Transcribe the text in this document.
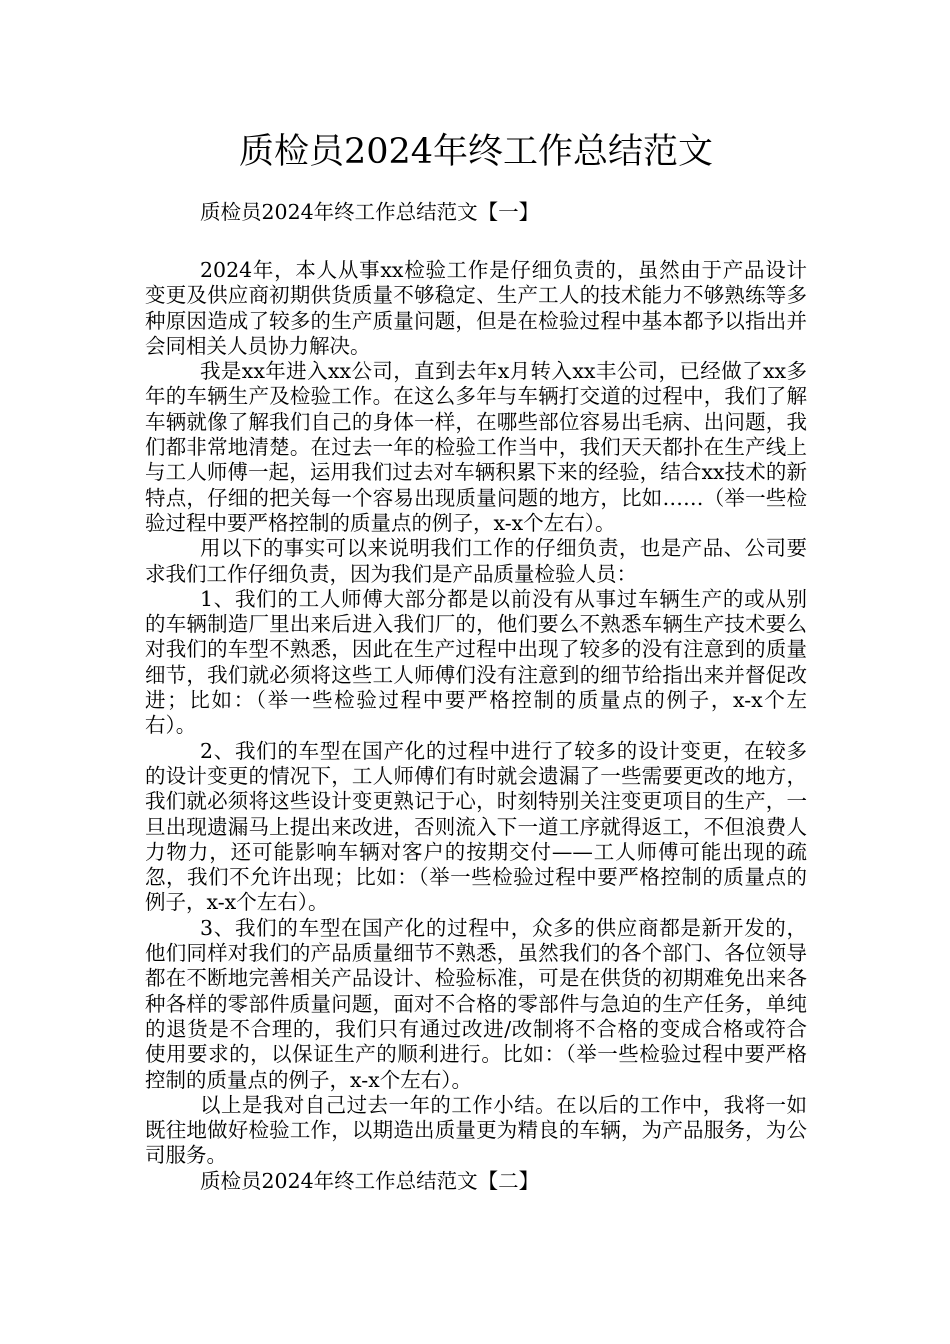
质检员2024年终工作总结范文

质检员2024年终工作总结范文【一】

2024年，本人从事xx检验工作是仔细负责的，虽然由于产品设计变更及供应商初期供货质量不够稳定、生产工人的技术能力不够熟练等多种原因造成了较多的生产质量问题，但是在检验过程中基本都予以指出并会同相关人员协力解决。

我是xx年进入xx公司，直到去年x月转入xx丰公司，已经做了xx多年的车辆生产及检验工作。在这么多年与车辆打交道的过程中，我们了解车辆就像了解我们自己的身体一样，在哪些部位容易出毛病、出问题，我们都非常地清楚。在过去一年的检验工作当中，我们天天都扑在生产线上与工人师傅一起，运用我们过去对车辆积累下来的经验，结合xx技术的新特点，仔细的把关每一个容易出现质量问题的地方，比如……（举一些检验过程中要严格控制的质量点的例子，x-x个左右）。

用以下的事实可以来说明我们工作的仔细负责，也是产品、公司要求我们工作仔细负责，因为我们是产品质量检验人员：

1、我们的工人师傅大部分都是以前没有从事过车辆生产的或从别的车辆制造厂里出来后进入我们厂的，他们要么不熟悉车辆生产技术要么对我们的车型不熟悉，因此在生产过程中出现了较多的没有注意到的质量细节，我们就必须将这些工人师傅们没有注意到的细节给指出来并督促改进；比如：（举一些检验过程中要严格控制的质量点的例子，x-x个左右）。

2、我们的车型在国产化的过程中进行了较多的设计变更，在较多的设计变更的情况下，工人师傅们有时就会遗漏了一些需要更改的地方，我们就必须将这些设计变更熟记于心，时刻特别关注变更项目的生产，一旦出现遗漏马上提出来改进，否则流入下一道工序就得返工，不但浪费人力物力，还可能影响车辆对客户的按期交付——工人师傅可能出现的疏忽，我们不允许出现；比如：（举一些检验过程中要严格控制的质量点的例子，x-x个左右）。

3、我们的车型在国产化的过程中，众多的供应商都是新开发的，他们同样对我们的产品质量细节不熟悉，虽然我们的各个部门、各位领导都在不断地完善相关产品设计、检验标准，可是在供货的初期难免出来各种各样的零部件质量问题，面对不合格的零部件与急迫的生产任务，单纯的退货是不合理的，我们只有通过改进/改制将不合格的变成合格或符合使用要求的，以保证生产的顺利进行。比如：（举一些检验过程中要严格控制的质量点的例子，x-x个左右）。

以上是我对自己过去一年的工作小结。在以后的工作中，我将一如既往地做好检验工作，以期造出质量更为精良的车辆，为产品服务，为公司服务。

质检员2024年终工作总结范文【二】
